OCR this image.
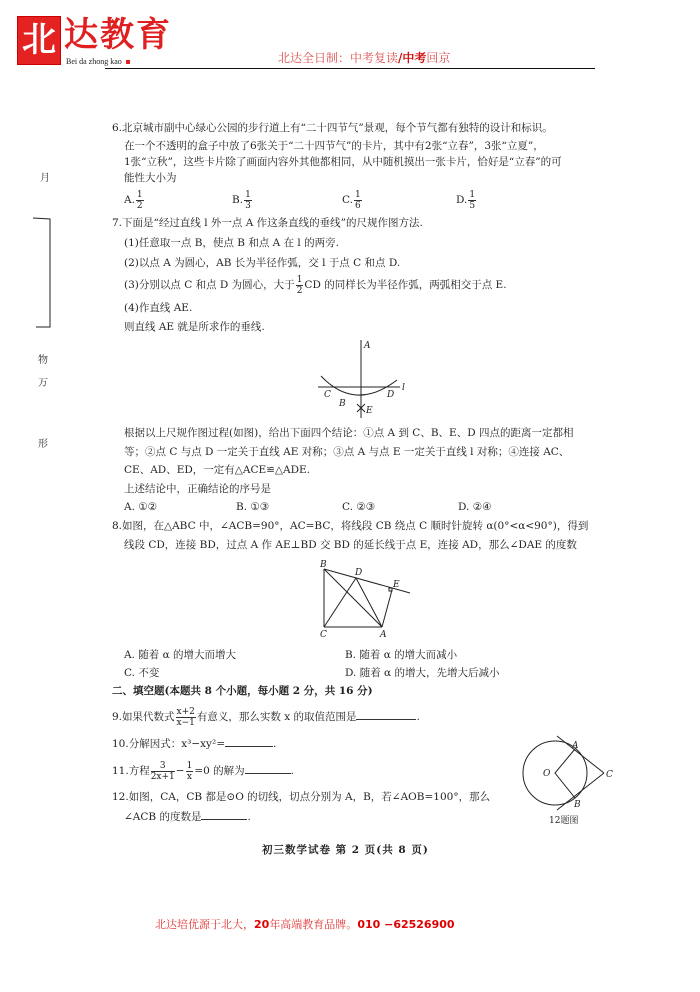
北 达教育
Bei da zhong kao	北达全日制：中考复读/中考回京
月
物
万
形
6.北京城市副中心绿心公园的步行道上有“二十四节气”景观，每个节气都有独特的设计和标识。
在一个不透明的盒子中放了6张关于“二十四节气”的卡片，其中有2张“立春”，3张“立夏”，
1张“立秋”，这些卡片除了画面内容外其他都相同，从中随机摸出一张卡片，恰好是“立春”的可
能性大小为
A. $\frac{1}{2}$	B. $\frac{1}{3}$	C. $\frac{1}{6}$	D. $\frac{1}{5}$
7.下面是“经过直线 l 外一点 A 作这条直线的垂线”的尺规作图方法.
(1)任意取一点 B，使点 B 和点 A 在 l 的两旁.
(2)以点 A 为圆心，AB 长为半径作弧，交 l 于点 C 和点 D.
(3)分别以点 C 和点 D 为圆心，大于 $\frac{1}{2}$ CD 的同样长为半径作弧，两弧相交于点 E.
(4)作直线 AE.
则直线 AE 就是所求作的垂线.
根据以上尺规作图过程(如图)，给出下面四个结论：①点 A 到 C、B、E、D 四点的距离一定都相
等；②点 C 与点 D 一定关于直线 AE 对称；③点 A 与点 E 一定关于直线 l 对称；④连接 AC、
CE、AD、ED，一定有△ACE≌△ADE.
上述结论中，正确结论的序号是
A. ①②	B. ①③	C. ②③	D. ②④
8.如图，在△ABC 中，∠ACB=90°，AC=BC，将线段 CB 绕点 C 顺时针旋转 α(0°<α<90°)，得到
线段 CD，连接 BD，过点 A 作 AE⊥BD 交 BD 的延长线于点 E，连接 AD，那么∠DAE 的度数
A. 随着 α 的增大而增大	B. 随着 α 的增大而减小
C. 不变	D. 随着 α 的增大，先增大后减小
二、填空题(本题共 8 个小题，每小题 2 分，共 16 分)
9.如果代数式 $\frac{x+2}{x-1}$ 有意义，那么实数 x 的取值范围是	.
10.分解因式：x³−xy²=	.
11.方程 $\frac{3}{2x+1} - \frac{1}{x} =0$ 的解为	.
12.如图，CA，CB 都是⊙O 的切线，切点分别为 A，B，若∠AOB=100°，那么
∠ACB 的度数是	.	12题图
初三数学试卷 第 2 页(共 8 页)
北达培优源于北大，20年高端教育品牌。010 −62526900
A
C
B
D
E
l
B
D
E
C	A
A
O	C
B
